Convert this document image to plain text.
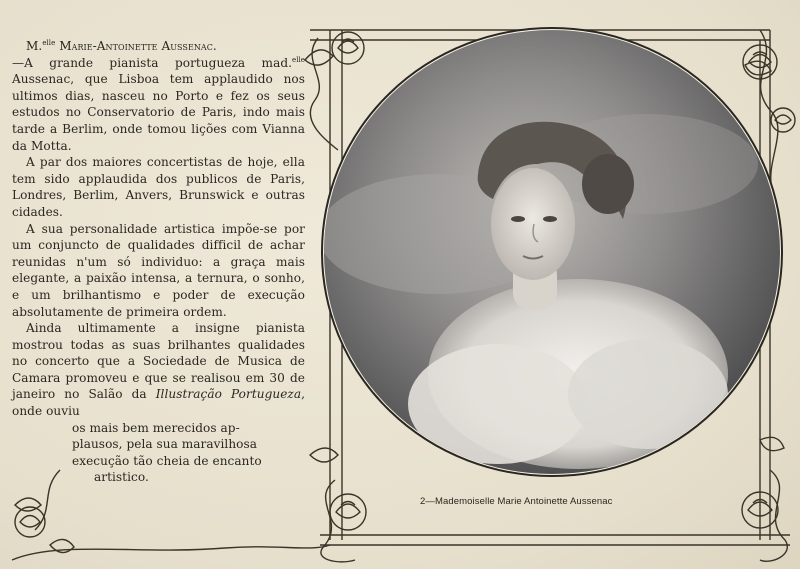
M.$^{elle}$ Marie-Antoinette Aussenac.
—A grande pianista portugueza mad.$^{elle}$ Aussenac, que Lisboa tem applaudido nos ultimos dias, nasceu no Porto e fez os seus estudos no Conservatorio de Paris, indo mais tarde a Berlim, onde tomou lições com Vianna da Motta.

A par dos maiores concertistas de hoje, ella tem sido applaudida dos publicos de Paris, Londres, Berlim, Anvers, Brunswick e outras cidades.

A sua personalidade artistica impõe-se por um conjuncto de qualidades difficil de achar reunidas n'um só individuo: a graça mais elegante, a paixão intensa, a ternura, o sonho, e um brilhantismo e poder de execução absolutamente de primeira ordem.

Ainda ultimamente a insigne pianista mostrou todas as suas brilhantes qualidades no concerto que a Sociedade de Musica de Camara promoveu e que se realisou em 30 de janeiro no Salão da Illustração Portugueza, onde ouviu

os mais bem merecidos ap-
plausos, pela sua maravilhosa
execução tão cheia de encanto
artistico.
2—Mademoiselle Marie Antoinette Aussenac
